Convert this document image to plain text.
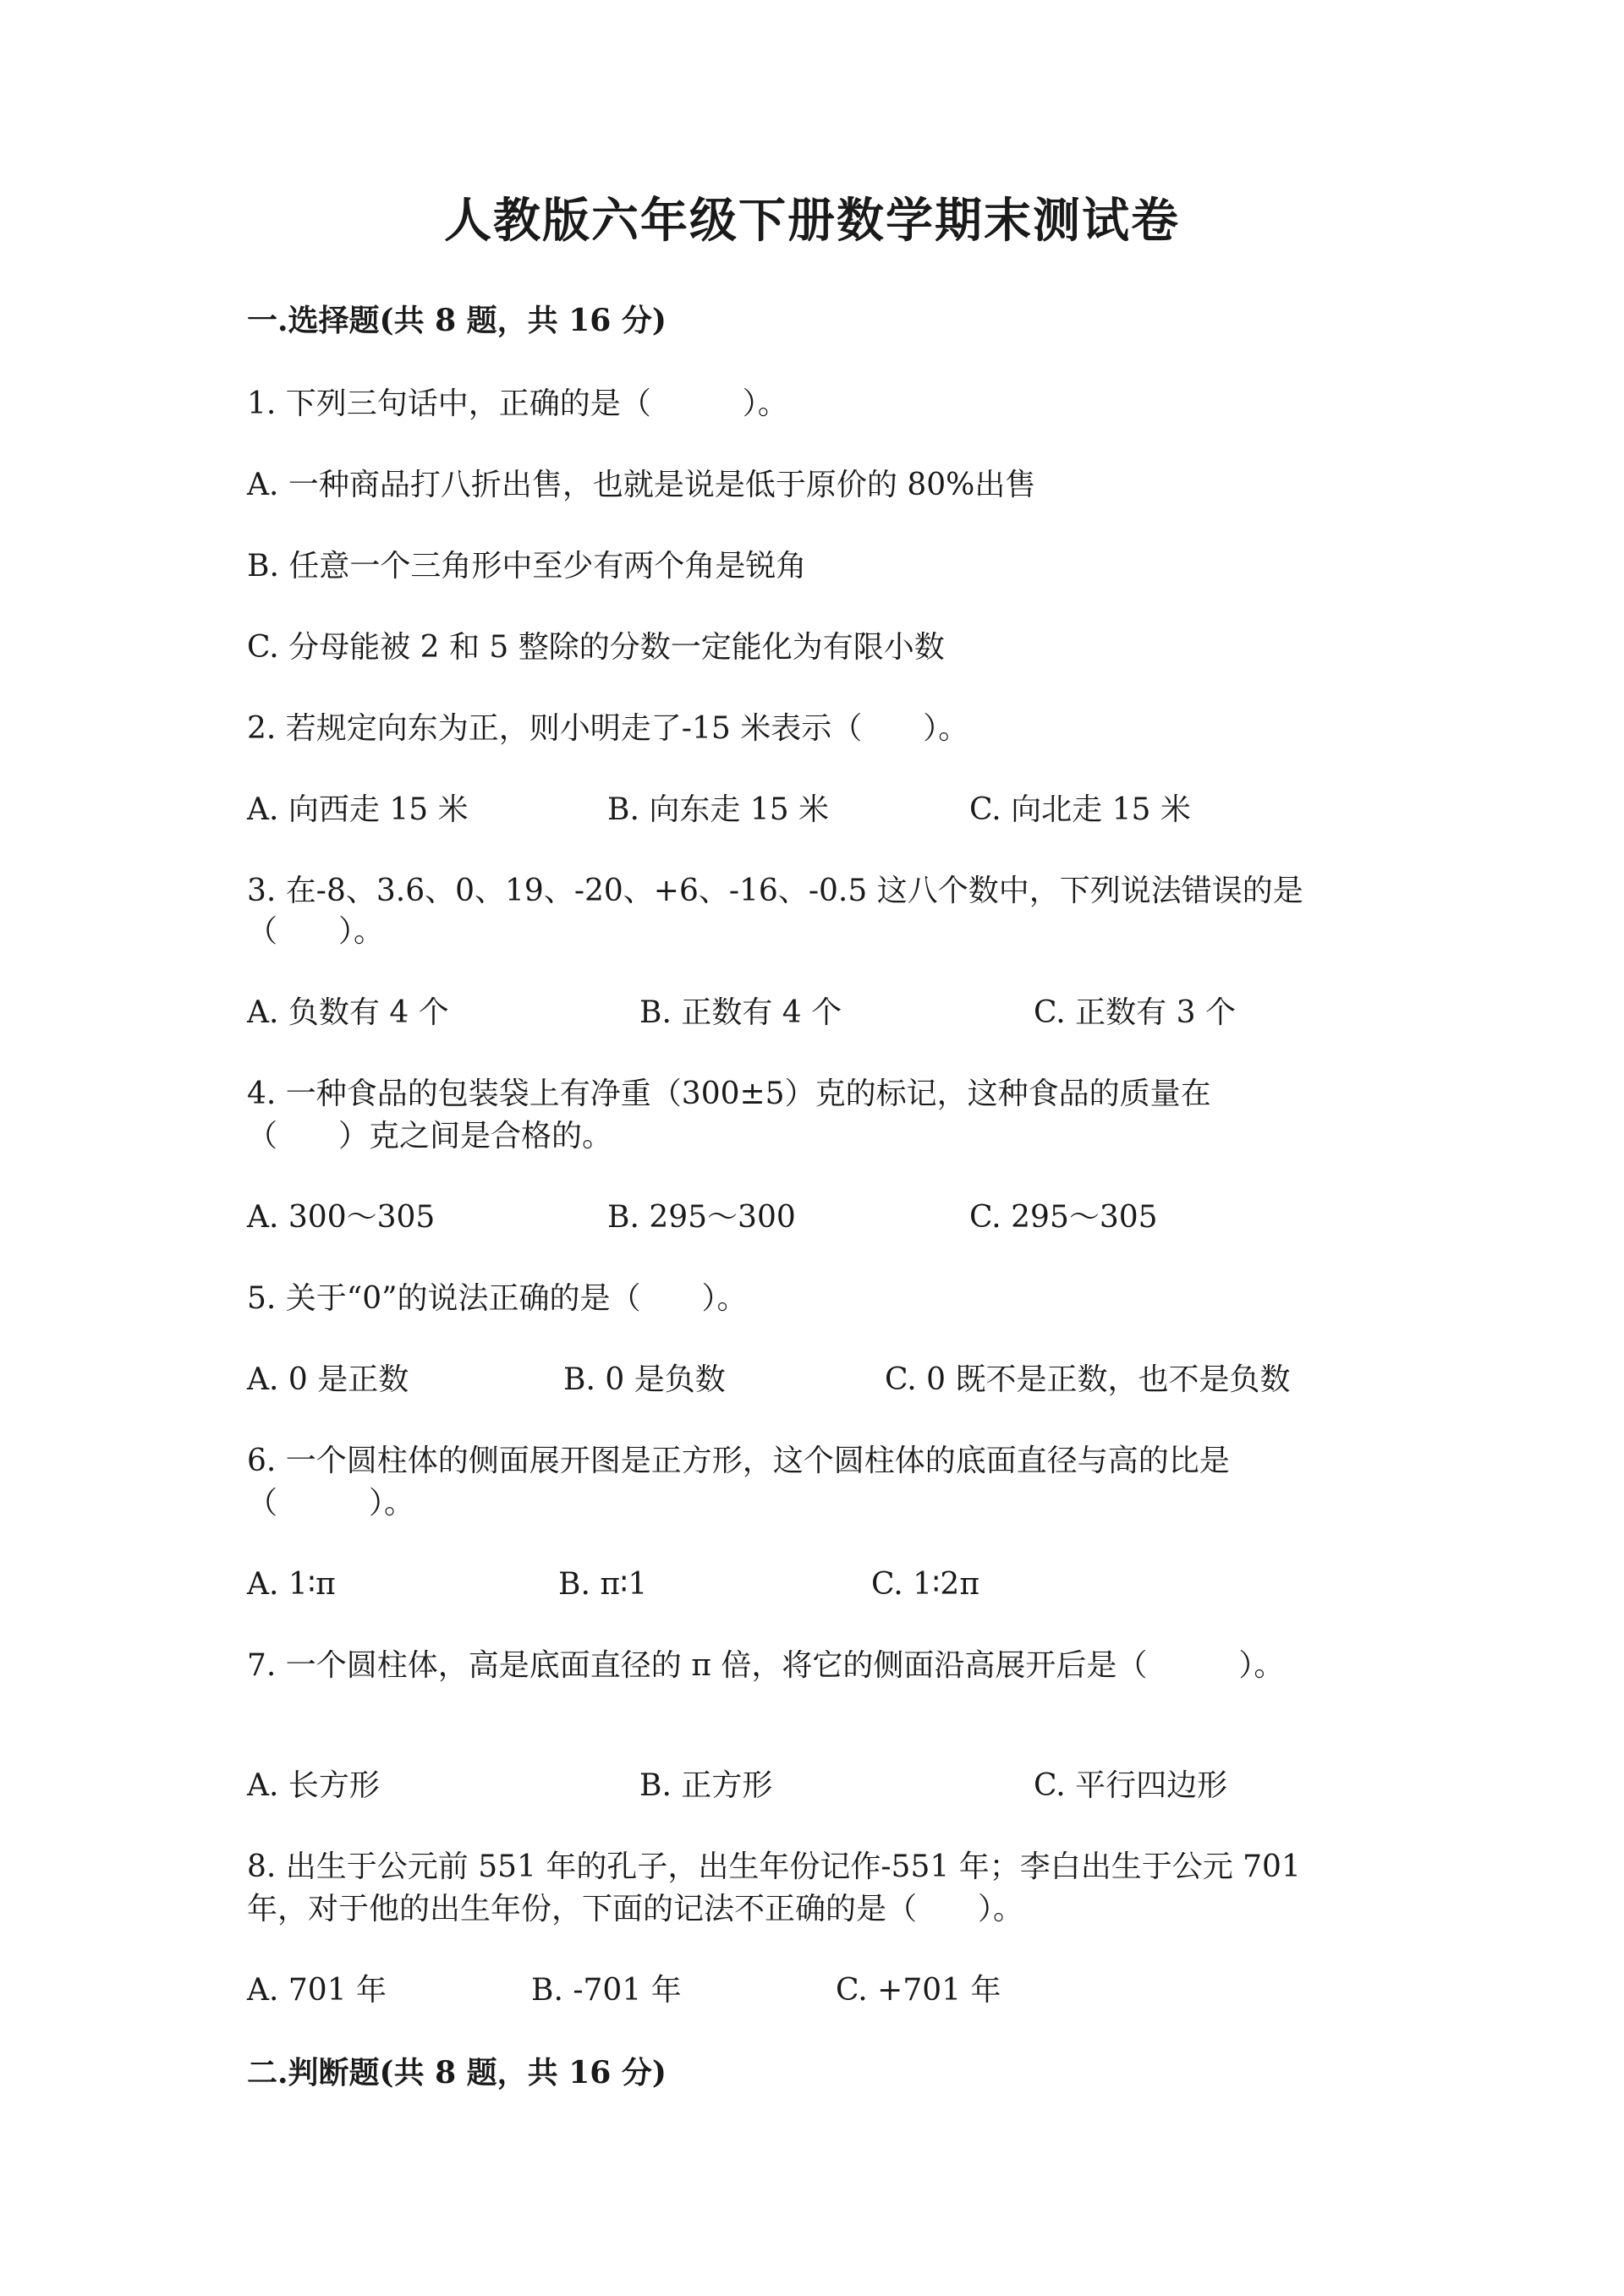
人教版六年级下册数学期末测试卷
一.选择题(共 8 题，共 16 分)
1. 下列三句话中，正确的是（　　　）。
A. 一种商品打八折出售，也就是说是低于原价的 80%出售
B. 任意一个三角形中至少有两个角是锐角
C. 分母能被 2 和 5 整除的分数一定能化为有限小数
2. 若规定向东为正，则小明走了-15 米表示（　　）。
A. 向西走 15 米	B. 向东走 15 米	C. 向北走 15 米
3. 在-8、3.6、0、19、-20、+6、-16、-0.5 这八个数中，下列说法错误的是
（　　）。
A. 负数有 4 个	B. 正数有 4 个	C. 正数有 3 个
4. 一种食品的包装袋上有净重（300±5）克的标记，这种食品的质量在
（　　）克之间是合格的。
A. 300～305	B. 295～300	C. 295～305
5. 关于“0”的说法正确的是（　　）。
A. 0 是正数	B. 0 是负数	C. 0 既不是正数，也不是负数
6. 一个圆柱体的侧面展开图是正方形，这个圆柱体的底面直径与高的比是
（　　　）。
A. 1∶π	B. π∶1	C. 1∶2π
7. 一个圆柱体，高是底面直径的 π 倍，将它的侧面沿高展开后是（　　　）。
A. 长方形	B. 正方形	C. 平行四边形
8. 出生于公元前 551 年的孔子，出生年份记作-551 年；李白出生于公元 701
年，对于他的出生年份，下面的记法不正确的是（　　）。
A. 701 年	B. -701 年	C. +701 年
二.判断题(共 8 题，共 16 分)
